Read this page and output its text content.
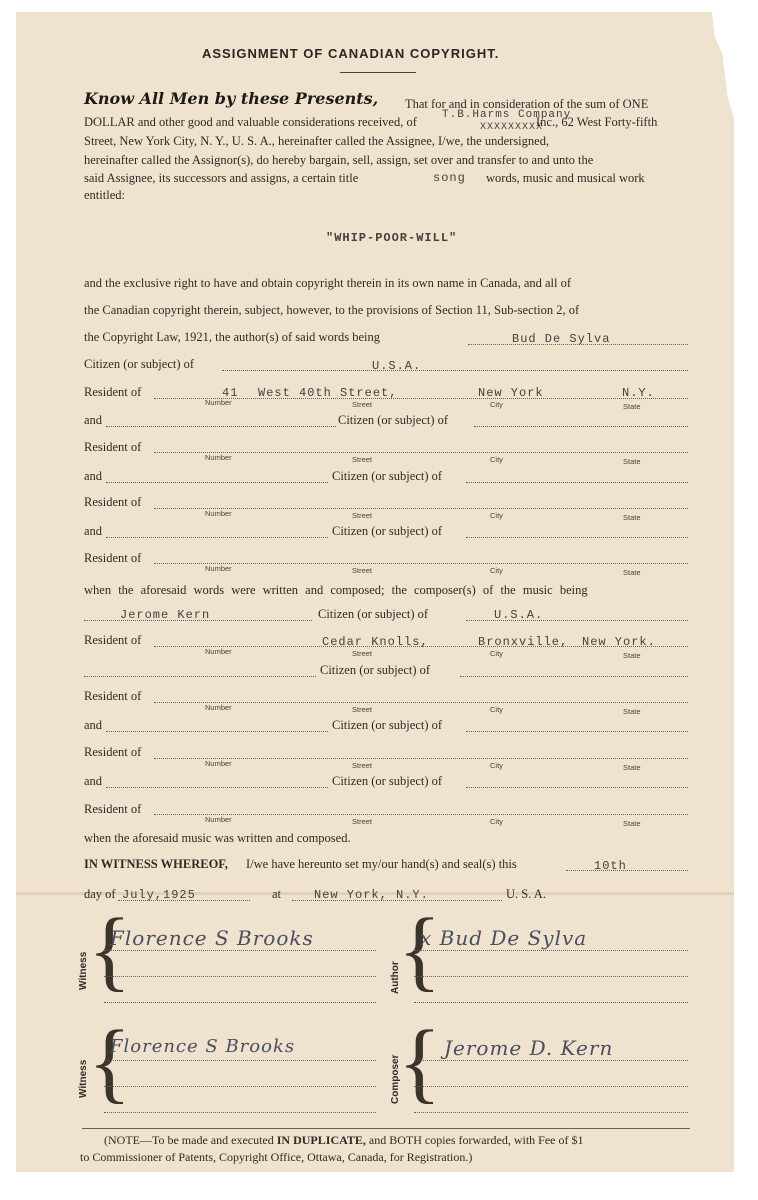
ASSIGNMENT OF CANADIAN COPYRIGHT.
Know All Men by these Presents, That for and in consideration of the sum of ONE
T.B.Harms Company
DOLLAR and other good and valuable considerations received, of	XXXXXXXXX
Inc., 62 West Forty-fifth
Street, New York City, N. Y., U. S. A., hereinafter called the Assignee, I/we, the undersigned,
hereinafter called the Assignor(s), do hereby bargain, sell, assign, set over and transfer to and unto the
said Assignee, its successors and assigns, a certain title	song words, music and musical work
entitled:
"WHIP-POOR-WILL"
and the exclusive right to have and obtain copyright therein in its own name in Canada, and all of
the Canadian copyright therein, subject, however, to the provisions of Section 11, Sub-section 2, of
the Copyright Law, 1921, the author(s) of said words being	Bud De Sylva
Citizen (or subject) of	U.S.A.
Resident of	41 West 40th Street,	New York	N.Y.
Number	Street	City	State
and	Citizen (or subject) of
Resident of
Number	Street	City	State
and	Citizen (or subject) of
Resident of
Number	Street	City	State
and	Citizen (or subject) of
Resident of
Number	Street	City	State
when the aforesaid words were written and composed; the composer(s) of the music being
Jerome Kern	Citizen (or subject) of	U.S.A.
Resident of	Cedar Knolls,	Bronxville, New York.
Number	Street	City	State
Citizen (or subject) of
Resident of
Number	Street	City	State
and	Citizen (or subject) of
Resident of
Number	Street	City	State
and	Citizen (or subject) of
Resident of
Number	Street	City	State
when the aforesaid music was written and composed.
IN WITNESS WHEREOF, I/we have hereunto set my/our hand(s) and seal(s) this	10th
day of July,1925	at	New York, N.Y.	U. S. A.
Witness {
Florence S Brooks
Author
{
x Bud De Sylva
Witness {
Florence S Brooks
Composer
{ Jerome D. Kern
(NOTE—To be made and executed IN DUPLICATE, and BOTH copies forwarded, with Fee of $1
to Commissioner of Patents, Copyright Office, Ottawa, Canada, for Registration.)
